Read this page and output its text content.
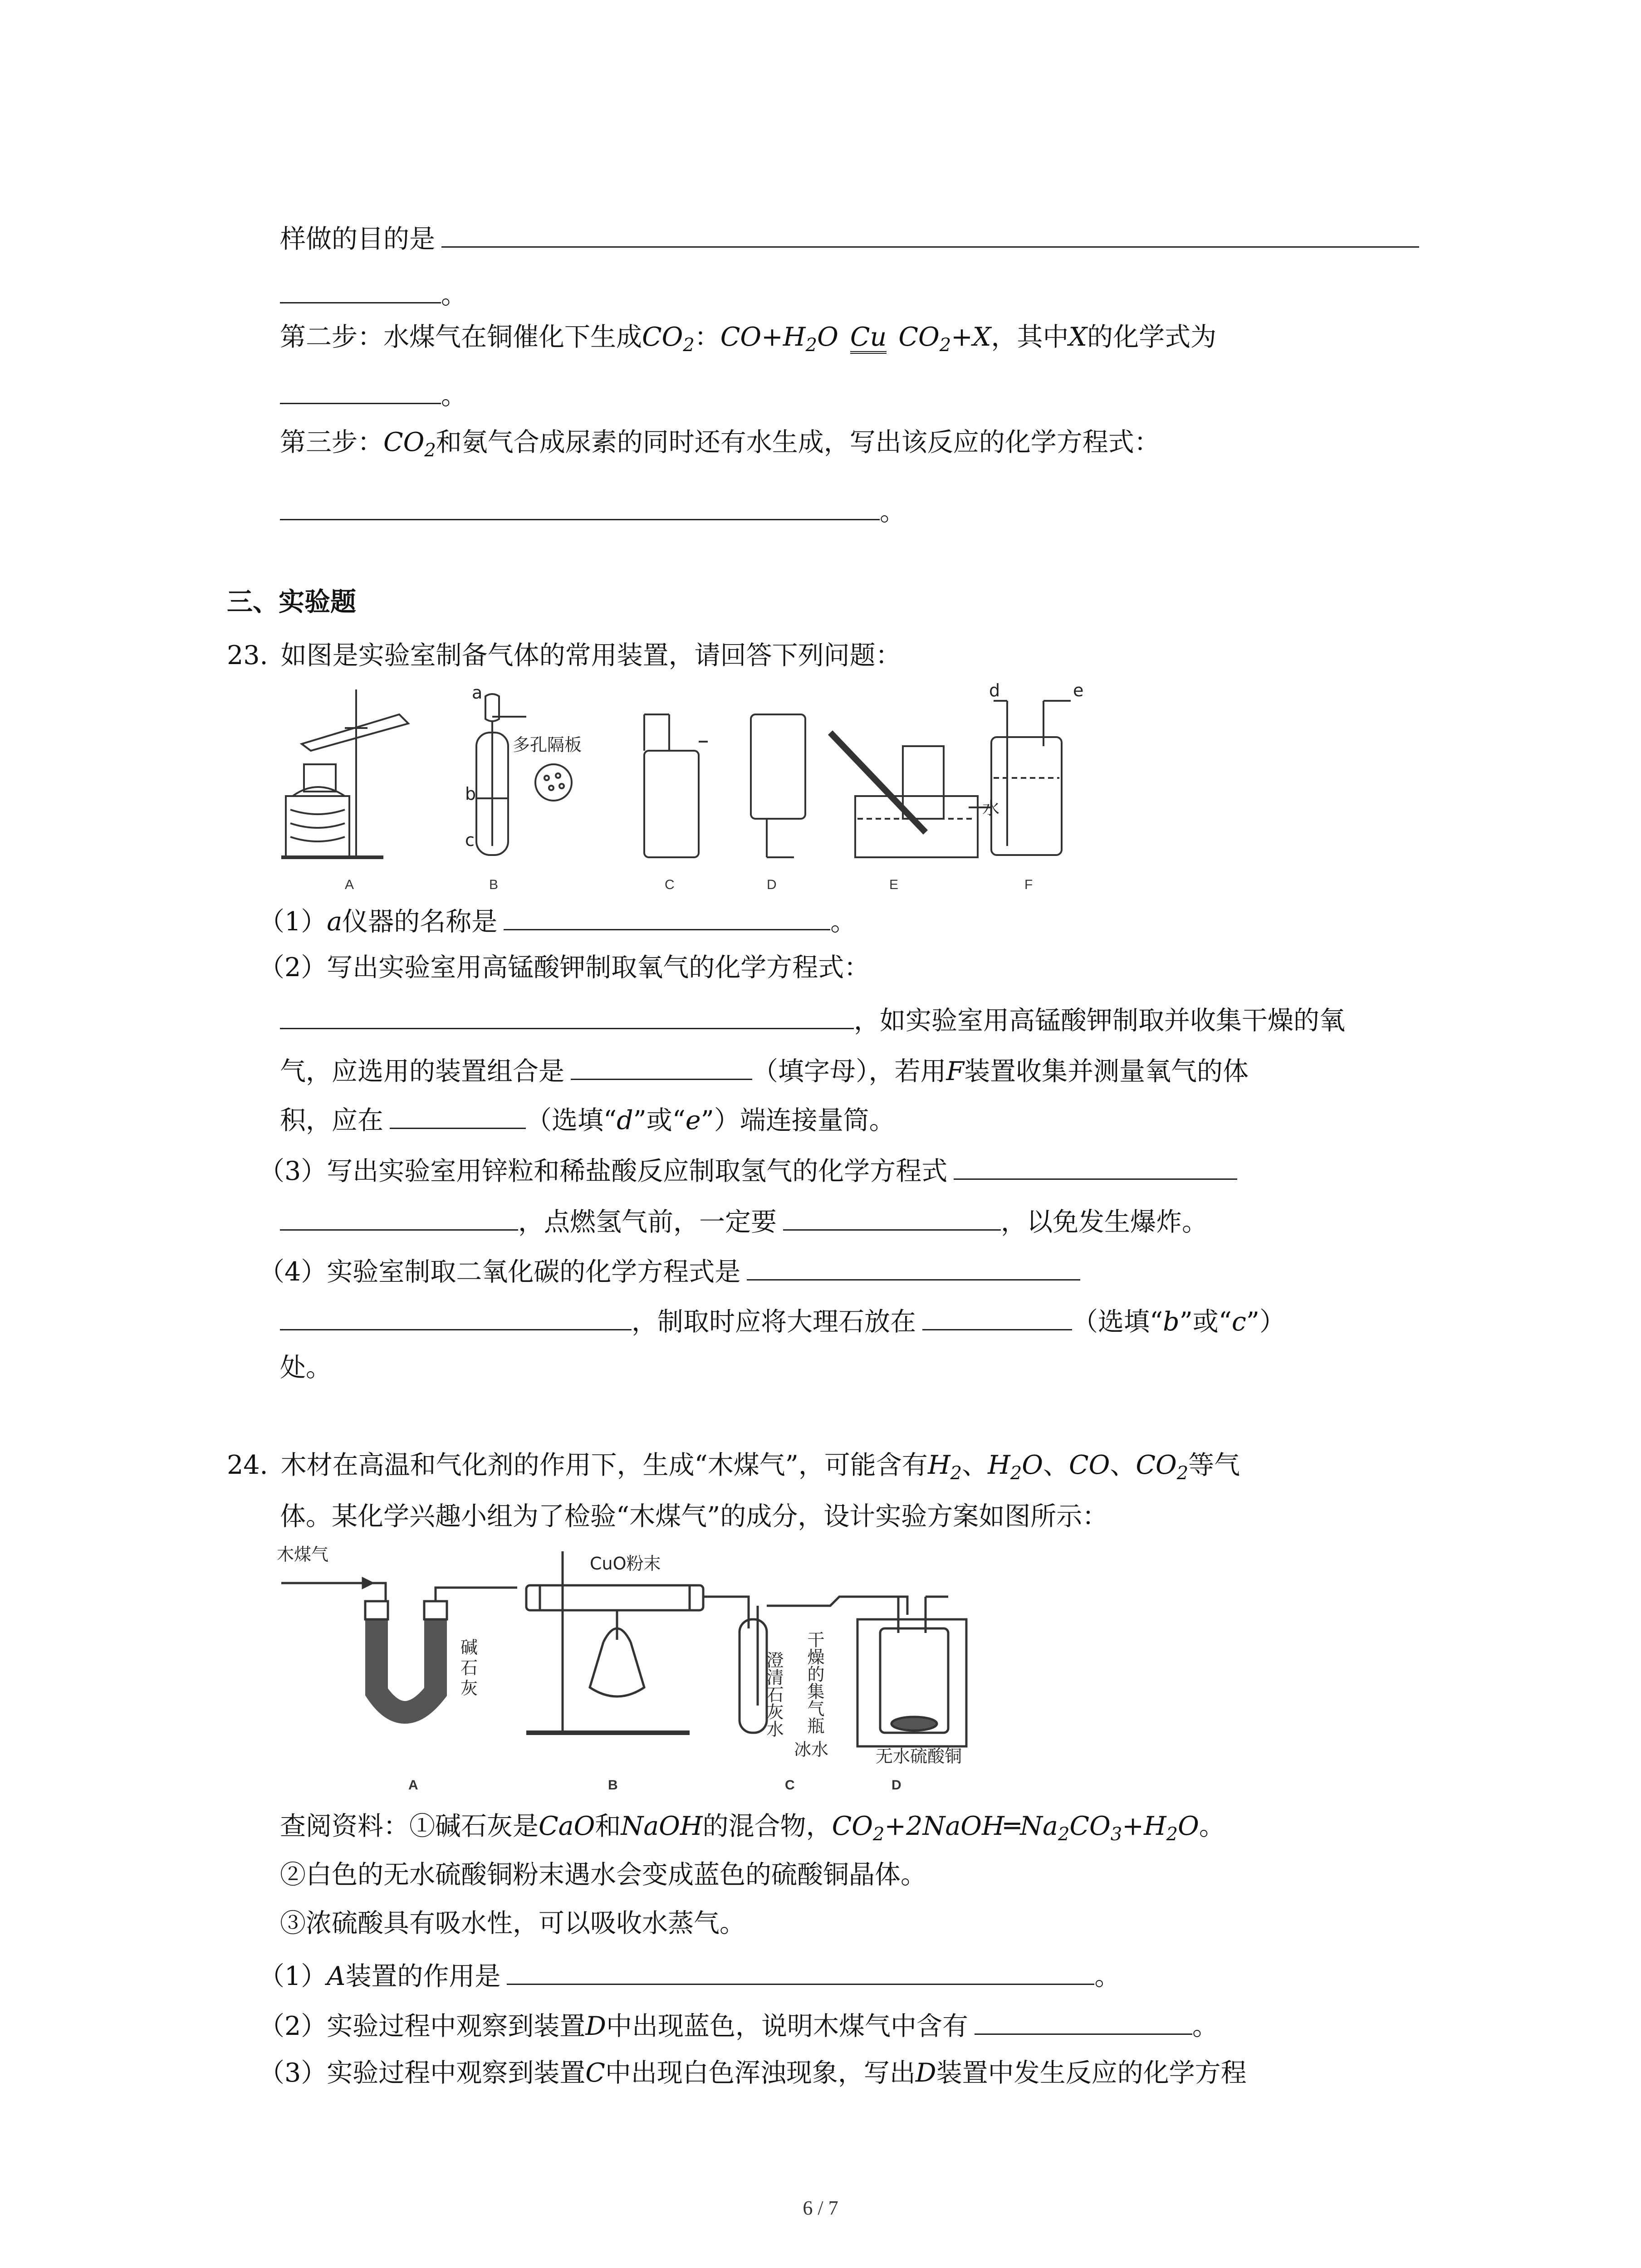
样做的目的是
。
第二步：水煤气在铜催化下生成$CO_2$：$CO+H_2O$ Cu $CO_2+X$，其中X的化学式为
。
第三步：$CO_2$和氨气合成尿素的同时还有水生成，写出该反应的化学方程式：
。
三、实验题
23. 如图是实验室制备气体的常用装置，请回答下列问题：
a
b
c
d	e
多孔隔板
水
A	B	C	D	E	F
（1）a仪器的名称是	。
（2）写出实验室用高锰酸钾制取氧气的化学方程式：
，如实验室用高锰酸钾制取并收集干燥的氧
气，应选用的装置组合是	（填字母），若用F装置收集并测量氧气的体
积，应在	（选填“d”或“e”）端连接量筒。
（3）写出实验室用锌粒和稀盐酸反应制取氢气的化学方程式
，点燃氢气前，一定要	，以免发生爆炸。
（4）实验室制取二氧化碳的化学方程式是
，制取时应将大理石放在	（选填“b”或“c”）
处。
24. 木材在高温和气化剂的作用下，生成“木煤气”，可能含有$H_2$、$H_2O$、CO、$CO_2$等气
体。某化学兴趣小组为了检验“木煤气”的成分，设计实验方案如图所示：
木煤气	CuO粉末
碱
石
灰	澄清石灰水 干燥的集气瓶
冰水	无水硫酸铜
A	B	C	D
查阅资料：①碱石灰是CaO和NaOH的混合物，$CO_2+2NaOH═Na_2CO_3+H_2O$。
②白色的无水硫酸铜粉末遇水会变成蓝色的硫酸铜晶体。
③浓硫酸具有吸水性，可以吸收水蒸气。
（1）A装置的作用是	。
（2）实验过程中观察到装置D中出现蓝色，说明木煤气中含有	。
（3）实验过程中观察到装置C中出现白色浑浊现象，写出D装置中发生反应的化学方程
6 / 7
